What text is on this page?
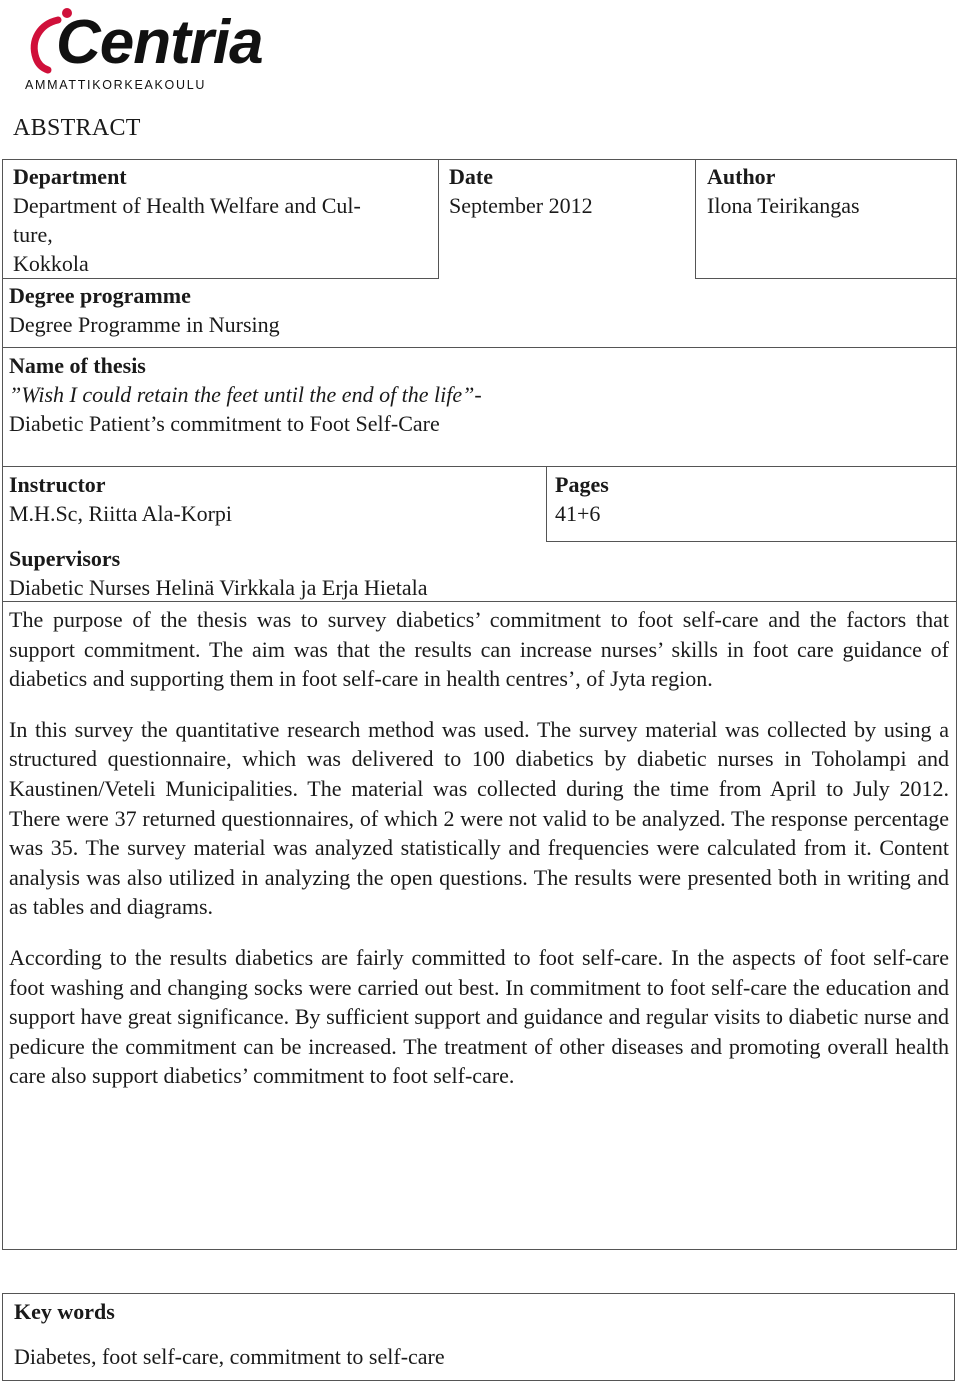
Centria
AMMATTIKORKEAKOULU
ABSTRACT
Department
Department of Health Welfare and Cul-
ture,
Kokkola
Date
September 2012
Author
Ilona Teirikangas
Degree programme
Degree Programme in Nursing
Name of thesis
”Wish I could retain the feet until the end of the life”-
Diabetic Patient’s commitment to Foot Self-Care
Instructor
M.H.Sc, Riitta Ala-Korpi
Pages
41+6
Supervisors
Diabetic Nurses Helinä Virkkala ja Erja Hietala

The purpose of the thesis was to survey diabetics’ commitment to foot self-care and the factors that support commitment. The aim was that the results can increase nurses’ skills in foot care guidance of diabetics and supporting them in foot self-care in health centres’, of Jyta region.

In this survey the quantitative research method was used. The survey material was collected by using a structured questionnaire, which was delivered to 100 diabetics by diabetic nurses in Toholampi and Kaustinen/Veteli Municipalities. The material was collected during the time from April to July 2012. There were 37 returned questionnaires, of which 2 were not valid to be analyzed. The response percentage was 35. The survey material was analyzed statistically and frequencies were calculated from it. Content analysis was also utilized in analyzing the open questions. The results were presented both in writing and as tables and diagrams.

According to the results diabetics are fairly committed to foot self-care. In the aspects of foot self-care foot washing and changing socks were carried out best. In commitment to foot self-care the education and support have great significance. By sufficient support and guidance and regular visits to diabetic nurse and pedicure the commitment can be increased. The treatment of other diseases and promoting overall health care also support diabetics’ commitment to foot self-care.

Key words
Diabetes, foot self-care, commitment to self-care
